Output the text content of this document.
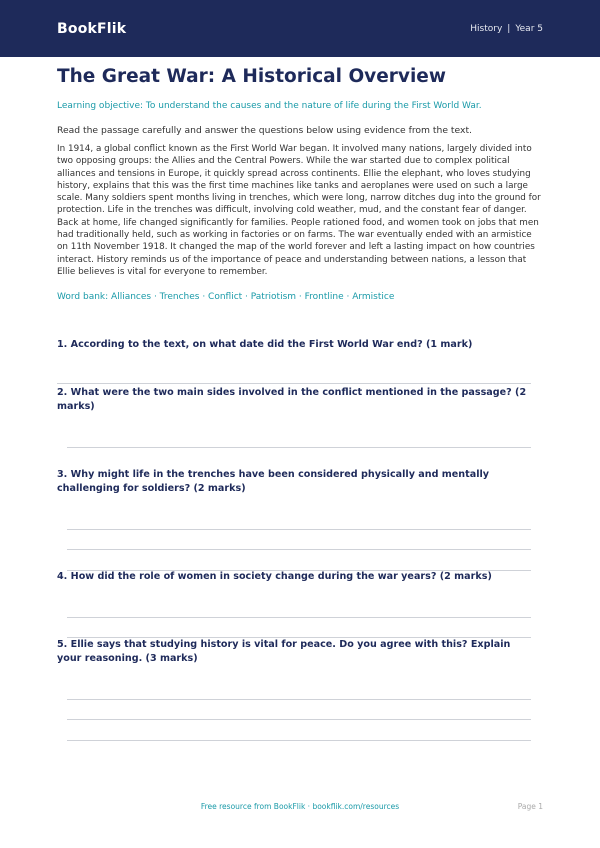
BookFlik	History | Year 5
The Great War: A Historical Overview
Learning objective: To understand the causes and the nature of life during the First World War.
Read the passage carefully and answer the questions below using evidence from the text.
In 1914, a global conflict known as the First World War began. It involved many nations, largely divided into two opposing groups: the Allies and the Central Powers. While the war started due to complex political alliances and tensions in Europe, it quickly spread across continents. Ellie the elephant, who loves studying history, explains that this was the first time machines like tanks and aeroplanes were used on such a large scale. Many soldiers spent months living in trenches, which were long, narrow ditches dug into the ground for protection. Life in the trenches was difficult, involving cold weather, mud, and the constant fear of danger. Back at home, life changed significantly for families. People rationed food, and women took on jobs that men had traditionally held, such as working in factories or on farms. The war eventually ended with an armistice on 11th November 1918. It changed the map of the world forever and left a lasting impact on how countries interact. History reminds us of the importance of peace and understanding between nations, a lesson that Ellie believes is vital for everyone to remember.
Word bank: Alliances · Trenches · Conflict · Patriotism · Frontline · Armistice
1. According to the text, on what date did the First World War end? (1 mark)
2. What were the two main sides involved in the conflict mentioned in the passage? (2 marks)
3. Why might life in the trenches have been considered physically and mentally challenging for soldiers? (2 marks)
4. How did the role of women in society change during the war years? (2 marks)
5. Ellie says that studying history is vital for peace. Do you agree with this? Explain your reasoning. (3 marks)
Free resource from BookFlik · bookflik.com/resources	Page 1
